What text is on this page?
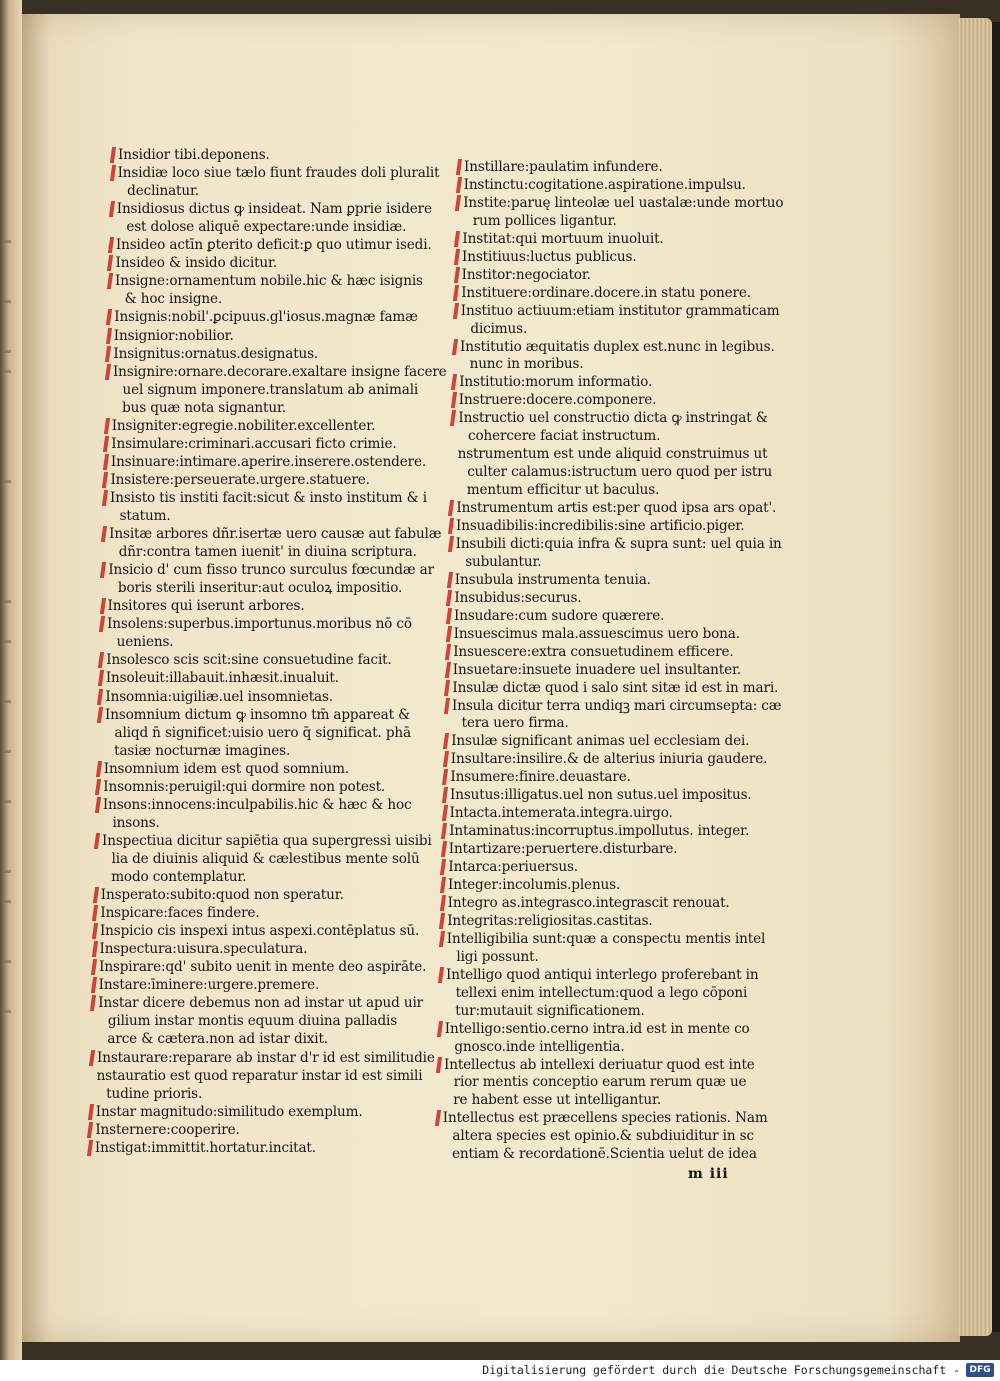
Insidior tibi.deponens.
Insidiæ loco siue tælo fiunt fraudes doli pluralit
declinatur.
Insidiosus dictus ꝙ insideat. Nam ꝑprie isidere
est dolose aliquē expectare:unde insidiæ.
Insideo actīn ꝑterito deficit:ꝑ quo utimur isedi.
Insideo & insido dicitur.
Insigne:ornamentum nobile.hic & hæc isignis
& hoc insigne.
Insignis:nobil'.ꝑcipuus.gl'iosus.magnæ famæ
Insignior:nobilior.
Insignitus:ornatus.designatus.
Insignire:ornare.decorare.exaltare insigne facere
uel signum imponere.translatum ab animali
bus quæ nota signantur.
Insigniter:egregie.nobiliter.excellenter.
Insimulare:criminari.accusari ficto crimie.
Insinuare:intimare.aperire.inserere.ostendere.
Insistere:perseuerate.urgere.statuere.
Insisto tis institi facit:sicut & insto institum & i
statum.
Insitæ arbores dñr.isertæ uero causæ aut fabulæ
dñr:contra tamen iuenit' in diuina scriptura.
Insicio d' cum fisso trunco surculus fœcundæ ar
boris sterili inseritur:aut oculoꝝ impositio.
Insitores qui iserunt arbores.
Insolens:superbus.importunus.moribus nō cō
ueniens.
Insolesco scis scit:sine consuetudine facit.
Insoleuit:illabauit.inhæsit.inualuit.
Insomnia:uigiliæ.uel insomnietas.
Insomnium dictum ꝙ insomno tm̄ appareat &
aliqd n̄ significet:uisio uero q̄ significat. phā
tasiæ nocturnæ imagines.
Insomnium idem est quod somnium.
Insomnis:peruigil:qui dormire non potest.
Insons:innocens:inculpabilis.hic & hæc & hoc
insons.
Inspectiua dicitur sapiētia qua supergressi uisibi
lia de diuinis aliquid & cælestibus mente solū
modo contemplatur.
Insperato:subito:quod non speratur.
Inspicare:faces findere.
Inspicio cis inspexi intus aspexi.contēplatus sū.
Inspectura:uisura.speculatura.
Inspirare:qd' subito uenit in mente deo aspirāte.
Instare:īminere:urgere.premere.
Instar dicere debemus non ad instar ut apud uir
gilium instar montis equum diuina palladis
arce & cætera.non ad istar dixit.
Instaurare:reparare ab instar d'r id est similitudie
nstauratio est quod reparatur instar id est simili
tudine prioris.
Instar magnitudo:similitudo exemplum.
Insternere:cooperire.
Instigat:immittit.hortatur.incitat.
Instillare:paulatim infundere.
Instinctu:cogitatione.aspiratione.impulsu.
Instite:paruę linteolæ uel uastalæ:unde mortuo
rum pollices ligantur.
Institat:qui mortuum inuoluit.
Institiuus:luctus publicus.
Institor:negociator.
Instituere:ordinare.docere.in statu ponere.
Instituo actiuum:etiam institutor grammaticam
dicimus.
Institutio æquitatis duplex est.nunc in legibus.
nunc in moribus.
Institutio:morum informatio.
Instruere:docere.componere.
Instructio uel constructio dicta ꝙ instringat &
cohercere faciat instructum.
nstrumentum est unde aliquid construimus ut
culter calamus:istructum uero quod per istru
mentum efficitur ut baculus.
Instrumentum artis est:per quod ipsa ars opat'.
Insuadibilis:incredibilis:sine artificio.piger.
Insubili dicti:quia infra & supra sunt: uel quia in
subulantur.
Insubula instrumenta tenuia.
Insubidus:securus.
Insudare:cum sudore quærere.
Insuescimus mala.assuescimus uero bona.
Insuescere:extra consuetudinem efficere.
Insuetare:insuete inuadere uel insultanter.
Insulæ dictæ quod i salo sint sitæ id est in mari.
Insula dicitur terra undiqꝫ mari circumsepta: cæ
tera uero firma.
Insulæ significant animas uel ecclesiam dei.
Insultare:insilire.& de alterius iniuria gaudere.
Insumere:finire.deuastare.
Insutus:illigatus.uel non sutus.uel impositus.
Intacta.intemerata.integra.uirgo.
Intaminatus:incorruptus.impollutus. integer.
Intartizare:peruertere.disturbare.
Intarca:periuersus.
Integer:incolumis.plenus.
Integro as.integrasco.integrascit renouat.
Integritas:religiositas.castitas.
Intelligibilia sunt:quæ a conspectu mentis intel
ligi possunt.
Intelligo quod antiqui interlego proferebant in
tellexi enim intellectum:quod a lego cōponi
tur:mutauit significationem.
Intelligo:sentio.cerno intra.id est in mente co
gnosco.inde intelligentia.
Intellectus ab intellexi deriuatur quod est inte
rior mentis conceptio earum rerum quæ ue
re habent esse ut intelligantur.
Intellectus est præcellens species rationis. Nam
altera species est opinio.& subdiuiditur in sc
entiam & recordationē.Scientia uelut de idea
m iii
Digitalisierung gefördert durch die Deutsche Forschungsgemeinschaft -	DFG
